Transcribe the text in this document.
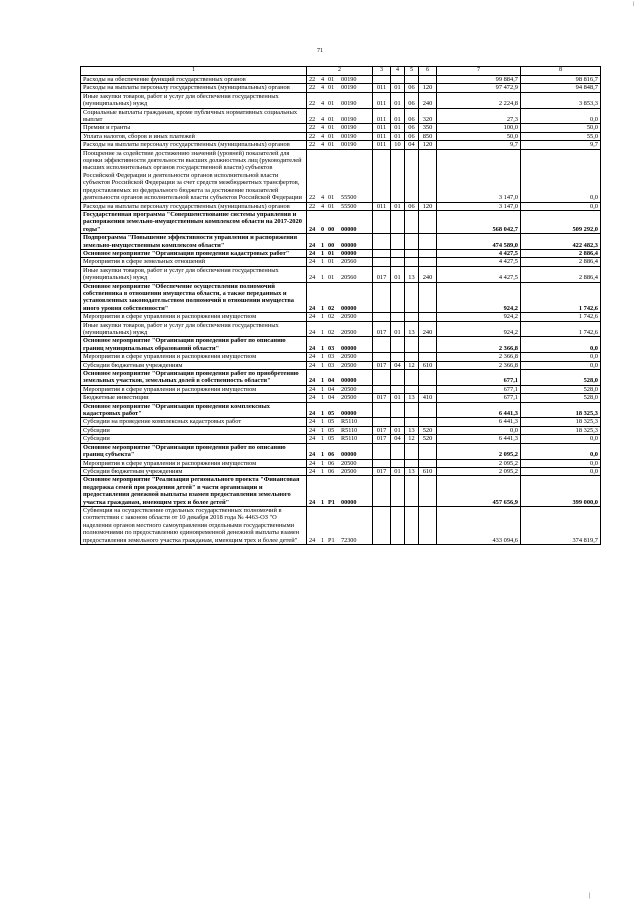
|
71
1	2	3	4	5	6	7	8
Расходы на обеспечение функций государственных органов	22 4 01 00190					99 884,7	98 816,7
Расходы на выплаты персоналу государственных (муниципальных) органов	22 4 01 00190	011	01	06	120	97 472,9	94 848,7
Иные закупки товаров, работ и услуг для обеспечения государственных (муниципальных) нужд	22 4 01 00190	011	01	06	240	2 224,8	3 853,3
Социальные выплаты гражданам, кроме публичных нормативных социальных выплат	22 4 01 00190	011	01	06	320	27,3	0,0
Премии и гранты	22 4 01 00190	011	01	06	350	100,0	50,0
Уплата налогов, сборов и иных платежей	22 4 01 00190	011	01	06	850	50,0	55,0
Расходы на выплаты персоналу государственных (муниципальных) органов	22 4 01 00190	011	10	04	120	9,7	9,7
Поощрение за содействие достижению значений (уровней) показателей для оценки эффективности деятельности высших должностных лиц (руководителей высших исполнительных органов государственной власти) субъектов Российской Федерации и деятельности органов исполнительной власти субъектов Российской Федерации за счет средств межбюджетных трансфертов, предоставляемых из федерального бюджета за достижение показателей деятельности органов исполнительной власти субъектов Российской Федерации	22 4 01 55500					3 147,0	0,0
Расходы на выплаты персоналу государственных (муниципальных) органов	22 4 01 55500	011	01	06	120	3 147,0	0,0
Государственная программа "Совершенствование системы управления и распоряжения земельно-имущественным комплексом области на 2017-2020 годы"	24 0 00 00000					568 042,7	509 292,0
Подпрограмма "Повышение эффективности управления и распоряжения земельно-имущественным комплексом области"	24 1 00 00000					474 589,0	422 482,3
Основное мероприятие "Организация проведения кадастровых работ"	24 1 01 00000					4 427,5	2 886,4
Мероприятия в сфере земельных отношений	24 1 01 20560					4 427,5	2 886,4
Иные закупки товаров, работ и услуг для обеспечения государственных (муниципальных) нужд	24 1 01 20560	017	01	13	240	4 427,5	2 886,4
Основное мероприятие "Обеспечение осуществления полномочий собственника в отношении имущества области, а также переданных и установленных законодательством полномочий в отношении имущества иного уровня собственности"	24 1 02 00000					924,2	1 742,6
Мероприятия в сфере управления и распоряжения имуществом	24 1 02 20500					924,2	1 742,6
Иные закупки товаров, работ и услуг для обеспечения государственных (муниципальных) нужд	24 1 02 20500	017	01	13	240	924,2	1 742,6
Основное мероприятие "Организация проведения работ по описанию границ муниципальных образований области"	24 1 03 00000					2 366,8	0,0
Мероприятия в сфере управления и распоряжения имуществом	24 1 03 20500					2 366,8	0,0
Субсидии бюджетным учреждениям	24 1 03 20500	017	04	12	610	2 366,8	0,0
Основное мероприятие "Организация проведения работ по приобретению земельных участков, земельных долей в собственность области"	24 1 04 00000					677,1	528,0
Мероприятия в сфере управления и распоряжения имуществом	24 1 04 20500					677,1	528,0
Бюджетные инвестиции	24 1 04 20500	017	01	13	410	677,1	528,0
Основное мероприятие "Организация проведения комплексных кадастровых работ"	24 1 05 00000					6 441,3	18 325,3
Субсидии на проведение комплексных кадастровых работ	24 1 05 R5110					6 441,3	18 325,3
Субсидии	24 1 05 R5110	017	01	13	520	0,0	18 325,3
Субсидии	24 1 05 R5110	017	04	12	520	6 441,3	0,0
Основное мероприятие "Организация проведения работ по описанию границ субъекта"	24 1 06 00000					2 095,2	0,0
Мероприятия в сфере управления и распоряжения имуществом	24 1 06 20500					2 095,2	0,0
Субсидии бюджетным учреждениям	24 1 06 20500	017	01	13	610	2 095,2	0,0
Основное мероприятие "Реализация регионального проекта "Финансовая поддержка семей при рождении детей" в части организации и предоставления денежной выплаты взамен предоставления земельного участка гражданам, имеющим трех и более детей"	24 1 P1 00000					457 656,9	399 000,0
Субвенция на осуществление отдельных государственных полномочий в соответствии с законом области от 10 декабря 2018 года № 4463-ОЗ "О наделении органов местного самоуправления отдельными государственными полномочиями по предоставлению единовременной денежной выплаты взамен предоставления земельного участка гражданам, имеющим трех и более детей"	24 1 P1 72300					433 094,6	374 819,7
|
